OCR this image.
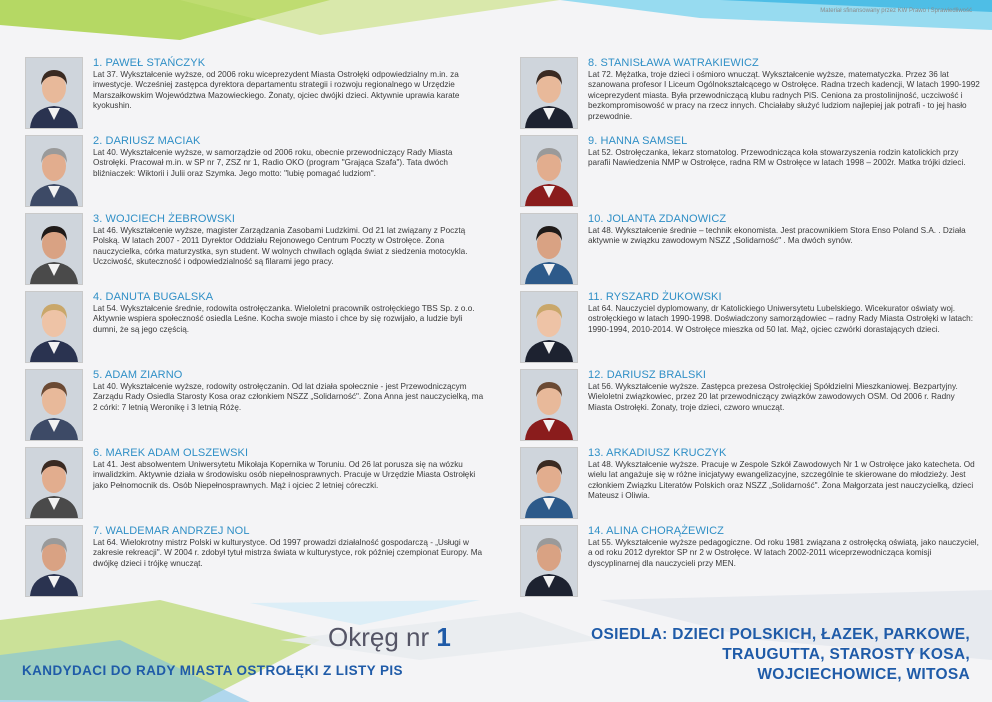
Materiał sfinansowany przez KW Prawo i Sprawiedliwość
1. PAWEŁ STAŃCZYK
Lat 37. Wykształcenie wyższe, od 2006 roku wiceprezydent Miasta Ostrołęki odpowiedzialny m.in. za inwestycje. Wcześniej zastępca dyrektora departamentu strategii i rozwoju regionalnego w Urzędzie Marszałkowskim Województwa Mazowieckiego. Żonaty, ojciec dwójki dzieci. Aktywnie uprawia karate kyokushin.
2. DARIUSZ MACIAK
Lat 40. Wykształcenie wyższe, w samorządzie od 2006 roku, obecnie przewodniczący Rady Miasta Ostrołęki. Pracował m.in. w SP nr 7, ZSZ nr 1, Radio OKO (program "Grająca Szafa"). Tata dwóch bliźniaczek: Wiktorii i Julii oraz Szymka. Jego motto: "lubię pomagać ludziom".
3. WOJCIECH ŻEBROWSKI
Lat 46. Wykształcenie wyższe, magister Zarządzania Zasobami Ludzkimi. Od 21 lat związany z Pocztą Polską. W latach 2007 - 2011 Dyrektor Oddziału Rejonowego Centrum Poczty w Ostrołęce. Żona nauczycielka, córka maturzystka, syn student. W wolnych chwilach ogląda świat z siedzenia motocykla. Uczciwość, skuteczność i odpowiedzialność są filarami jego pracy.
4. DANUTA BUGALSKA
Lat 54. Wykształcenie średnie, rodowita ostrołęczanka. Wieloletni pracownik ostrołęckiego TBS Sp. z o.o. Aktywnie wspiera społeczność osiedla Leśne. Kocha swoje miasto i chce by się rozwijało, a ludzie byli dumni, że są jego częścią.
5. ADAM ZIARNO
Lat 40. Wykształcenie wyższe, rodowity ostrołęczanin. Od lat działa społecznie - jest Przewodniczącym Zarządu Rady Osiedla Starosty Kosa oraz członkiem NSZZ „Solidarność". Żona Anna jest nauczycielką, ma 2 córki: 7 letnią Weronikę i 3 letnią Różę.
6. MAREK ADAM OLSZEWSKI
Lat 41. Jest absolwentem Uniwersytetu Mikołaja Kopernika w Toruniu. Od 26 lat porusza się na wózku inwalidzkim. Aktywnie działa w środowisku osób niepełnosprawnych. Pracuje w Urzędzie Miasta Ostrołęki jako Pełnomocnik ds. Osób Niepełnosprawnych. Mąż i ojciec 2 letniej córeczki.
7. WALDEMAR ANDRZEJ NOL
Lat 64. Wielokrotny mistrz Polski w kulturystyce. Od 1997 prowadzi działalność gospodarczą - „Usługi w zakresie rekreacji". W 2004 r. zdobył tytuł mistrza świata w kulturystyce, rok później czempionat Europy. Ma dwójkę dzieci i trójkę wnucząt.
8. STANISŁAWA WATRAKIEWICZ
Lat 72. Mężatka, troje dzieci i ośmioro wnucząt. Wykształcenie wyższe, matematyczka. Przez 36 lat szanowana profesor I Liceum Ogólnokształcącego w Ostrołęce. Radna trzech kadencji, W latach 1990-1992 wiceprezydent miasta. Była przewodniczącą klubu radnych PiS. Ceniona za prostolinijność, uczciwość i bezkompromisowość w pracy na rzecz innych. Chciałaby służyć ludziom najlepiej jak potrafi - to jej hasło przewodnie.
9. HANNA SAMSEL
Lat 52. Ostrołęczanka, lekarz stomatolog. Przewodnicząca koła stowarzyszenia rodzin katolickich przy parafii Nawiedzenia NMP w Ostrołęce, radna RM w Ostrołęce w latach 1998 – 2002r. Matka trójki dzieci.
10. JOLANTA ZDANOWICZ
Lat 48. Wykształcenie średnie – technik ekonomista. Jest pracownikiem Stora Enso Poland S.A. . Działa aktywnie w związku zawodowym NSZZ „Solidarność" . Ma dwóch synów.
11. RYSZARD ŻUKOWSKI
Lat 64. Nauczyciel dyplomowany, dr Katolickiego Uniwersytetu Lubelskiego. Wicekurator oświaty woj. ostrołęckiego w latach 1990-1998. Doświadczony samorządowiec – radny Rady Miasta Ostrołęki w latach: 1990-1994, 2010-2014. W Ostrołęce mieszka od 50 lat. Mąż, ojciec czwórki dorastających dzieci.
12. DARIUSZ BRALSKI
Lat 56. Wykształcenie wyższe. Zastępca prezesa Ostrołęckiej Spółdzielni Mieszkaniowej. Bezpartyjny. Wieloletni związkowiec, przez 20 lat przewodniczący związków zawodowych OSM. Od 2006 r. Radny Miasta Ostrołęki. Żonaty, troje dzieci, czworo wnucząt.
13. ARKADIUSZ KRUCZYK
Lat 48. Wykształcenie wyższe. Pracuje w Zespole Szkół Zawodowych Nr 1 w Ostrołęce jako katecheta. Od wielu lat angażuje się w różne inicjatywy ewangelizacyjne, szczególnie te skierowane do młodzieży. Jest członkiem Związku Literatów Polskich oraz NSZZ „Solidarność". Żona Małgorzata jest nauczycielką, dzieci Mateusz i Oliwia.
14. ALINA CHORĄŻEWICZ
Lat 55. Wykształcenie wyższe pedagogiczne. Od roku 1981 związana z ostrołęcką oświatą, jako nauczyciel, a od roku 2012 dyrektor SP nr 2 w Ostrołęce. W latach 2002-2011 wiceprzewodnicząca komisji dyscyplinarnej dla nauczycieli przy MEN.
Okręg nr 1
KANDYDACI DO RADY MIASTA OSTROŁĘKI Z LISTY PIS
OSIEDLA: DZIECI POLSKICH, ŁAZEK, PARKOWE, TRAUGUTTA, STAROSTY KOSA, WOJCIECHOWICE, WITOSA
